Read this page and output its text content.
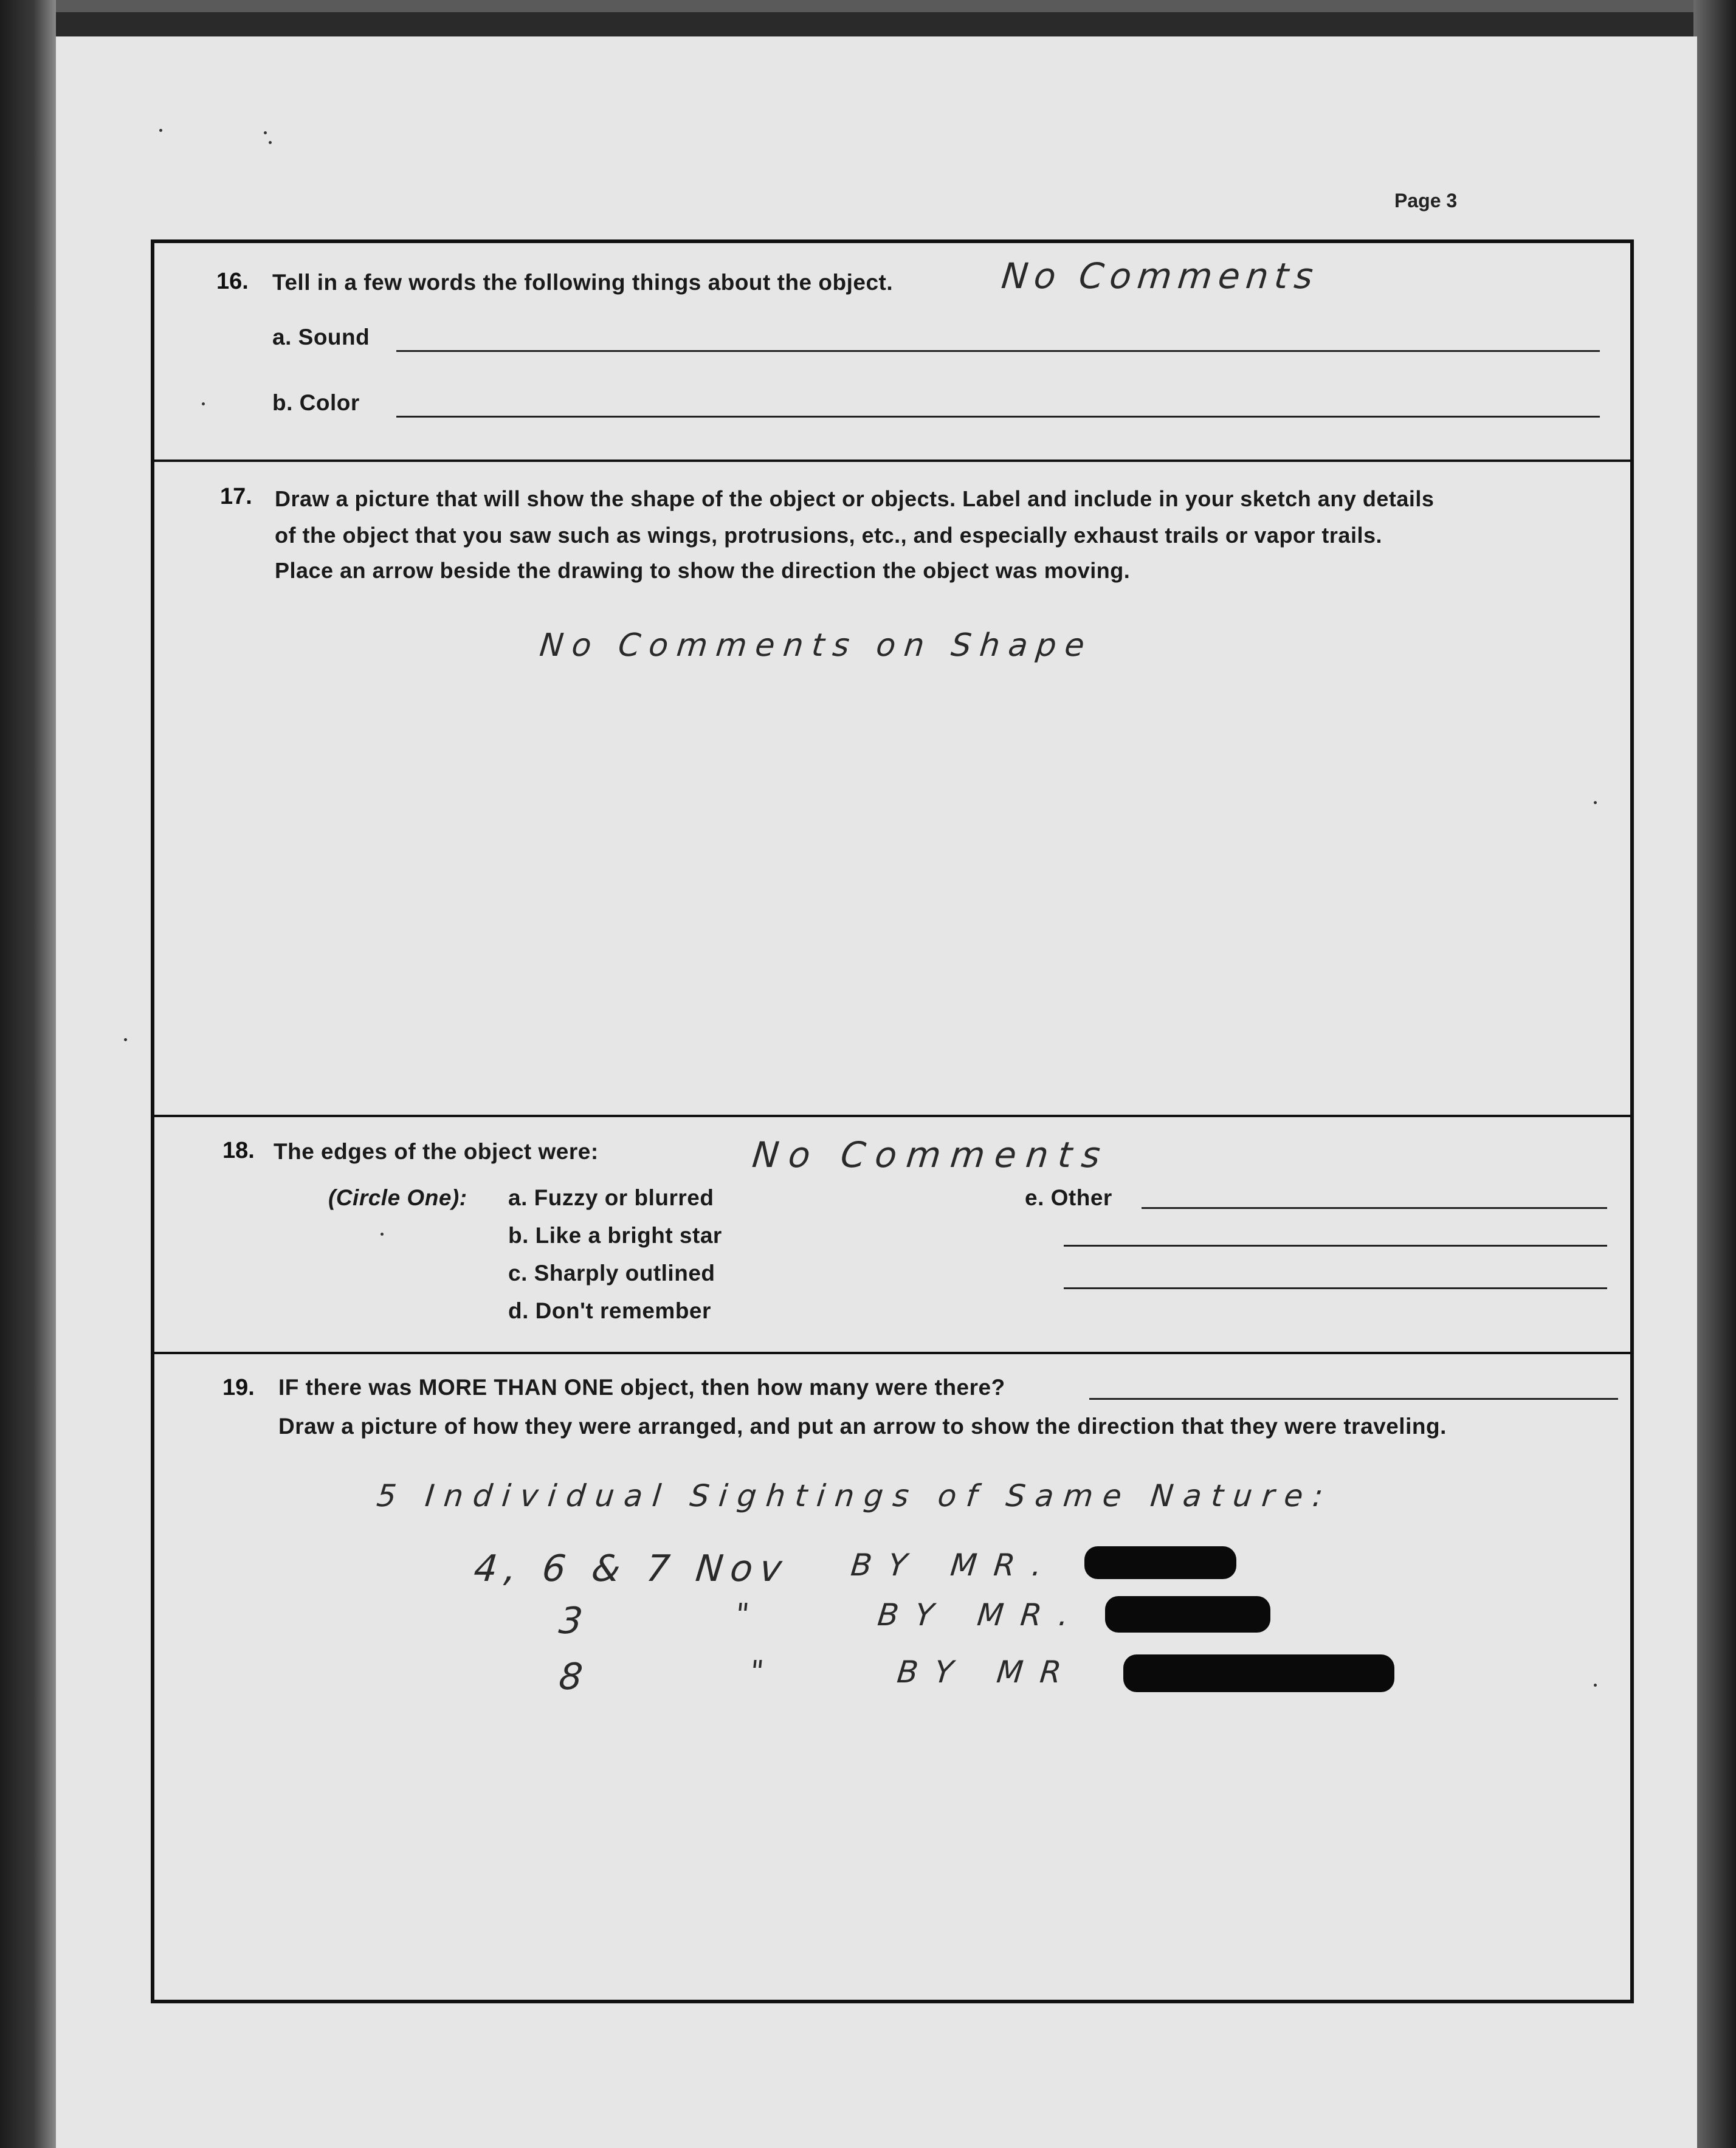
Page 3
16. Tell in a few words the following things about the object.	No Comments
a. Sound
b. Color
17. Draw a picture that will show the shape of the object or objects. Label and include in your sketch any details
of the object that you saw such as wings, protrusions, etc., and especially exhaust trails or vapor trails.
Place an arrow beside the drawing to show the direction the object was moving.
No Comments on Shape
18. The edges of the object were:	No Comments
(Circle One): a. Fuzzy or blurred
b. Like a bright star
c. Sharply outlined
d. Don't remember
e. Other
19. IF there was MORE THAN ONE object, then how many were there?
Draw a picture of how they were arranged, and put an arrow to show the direction that they were traveling.
5 Individual Sightings of Same Nature:
4, 6 & 7 Nov BY MR.
3	"	BY MR.
8	"	BY MR
